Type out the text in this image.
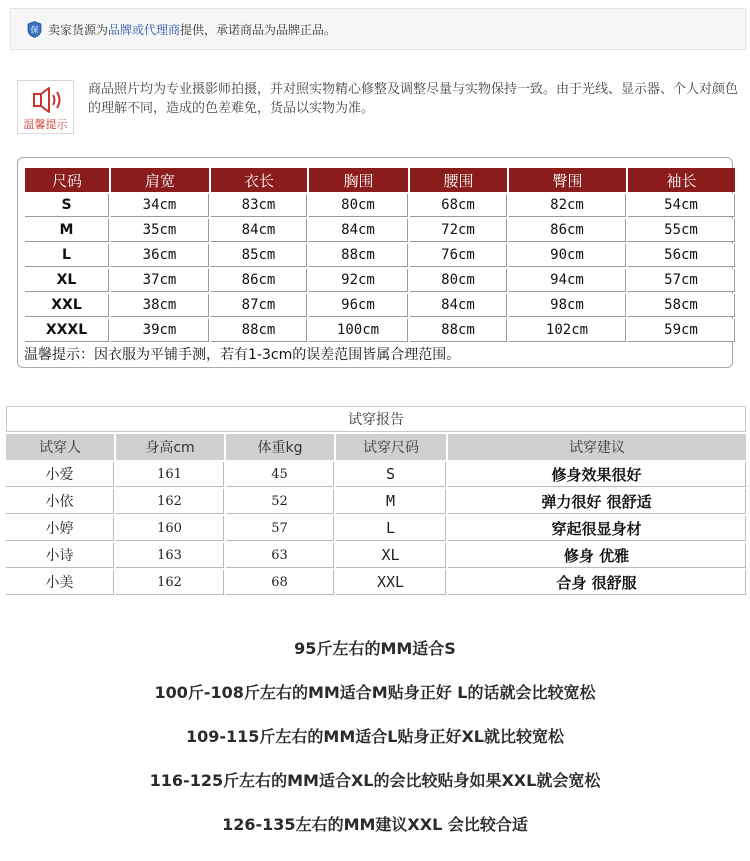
保 卖家货源为 品牌或代理商 提供，承诺商品为品牌正品。
温馨提示
商品照片均为专业摄影师拍摄，并对照实物精心修整及调整尽量与实物保持一致。由于光线、显示器、个人对颜色的理解不同，造成的色差难免，货品以实物为准。
尺码	肩宽	衣长	胸围	腰围	臀围	袖长
S	34cm	83cm	80cm	68cm	82cm	54cm
M	35cm	84cm	84cm	72cm	86cm	55cm
L	36cm	85cm	88cm	76cm	90cm	56cm
XL	37cm	86cm	92cm	80cm	94cm	57cm
XXL	38cm	87cm	96cm	84cm	98cm	58cm
XXXL	39cm	88cm	100cm	88cm	102cm	59cm
温馨提示：因衣服为平铺手测，若有1-3cm的误差范围皆属合理范围。
试穿报告				
试穿人	身高cm	体重kg	试穿尺码	试穿建议
小爱	161	45	S	修身效果很好
小依	162	52	M	弹力很好 很舒适
小婷	160	57	L	穿起很显身材
小诗	163	63	XL	修身 优雅
小美	162	68	XXL	合身 很舒服
95斤左右的MM适合S
100斤-108斤左右的MM适合M贴身正好 L的话就会比较宽松
109-115斤左右的MM适合L贴身正好XL就比较宽松
116-125斤左右的MM适合XL的会比较贴身如果XXL就会宽松
126-135左右的MM建议XXL 会比较合适
